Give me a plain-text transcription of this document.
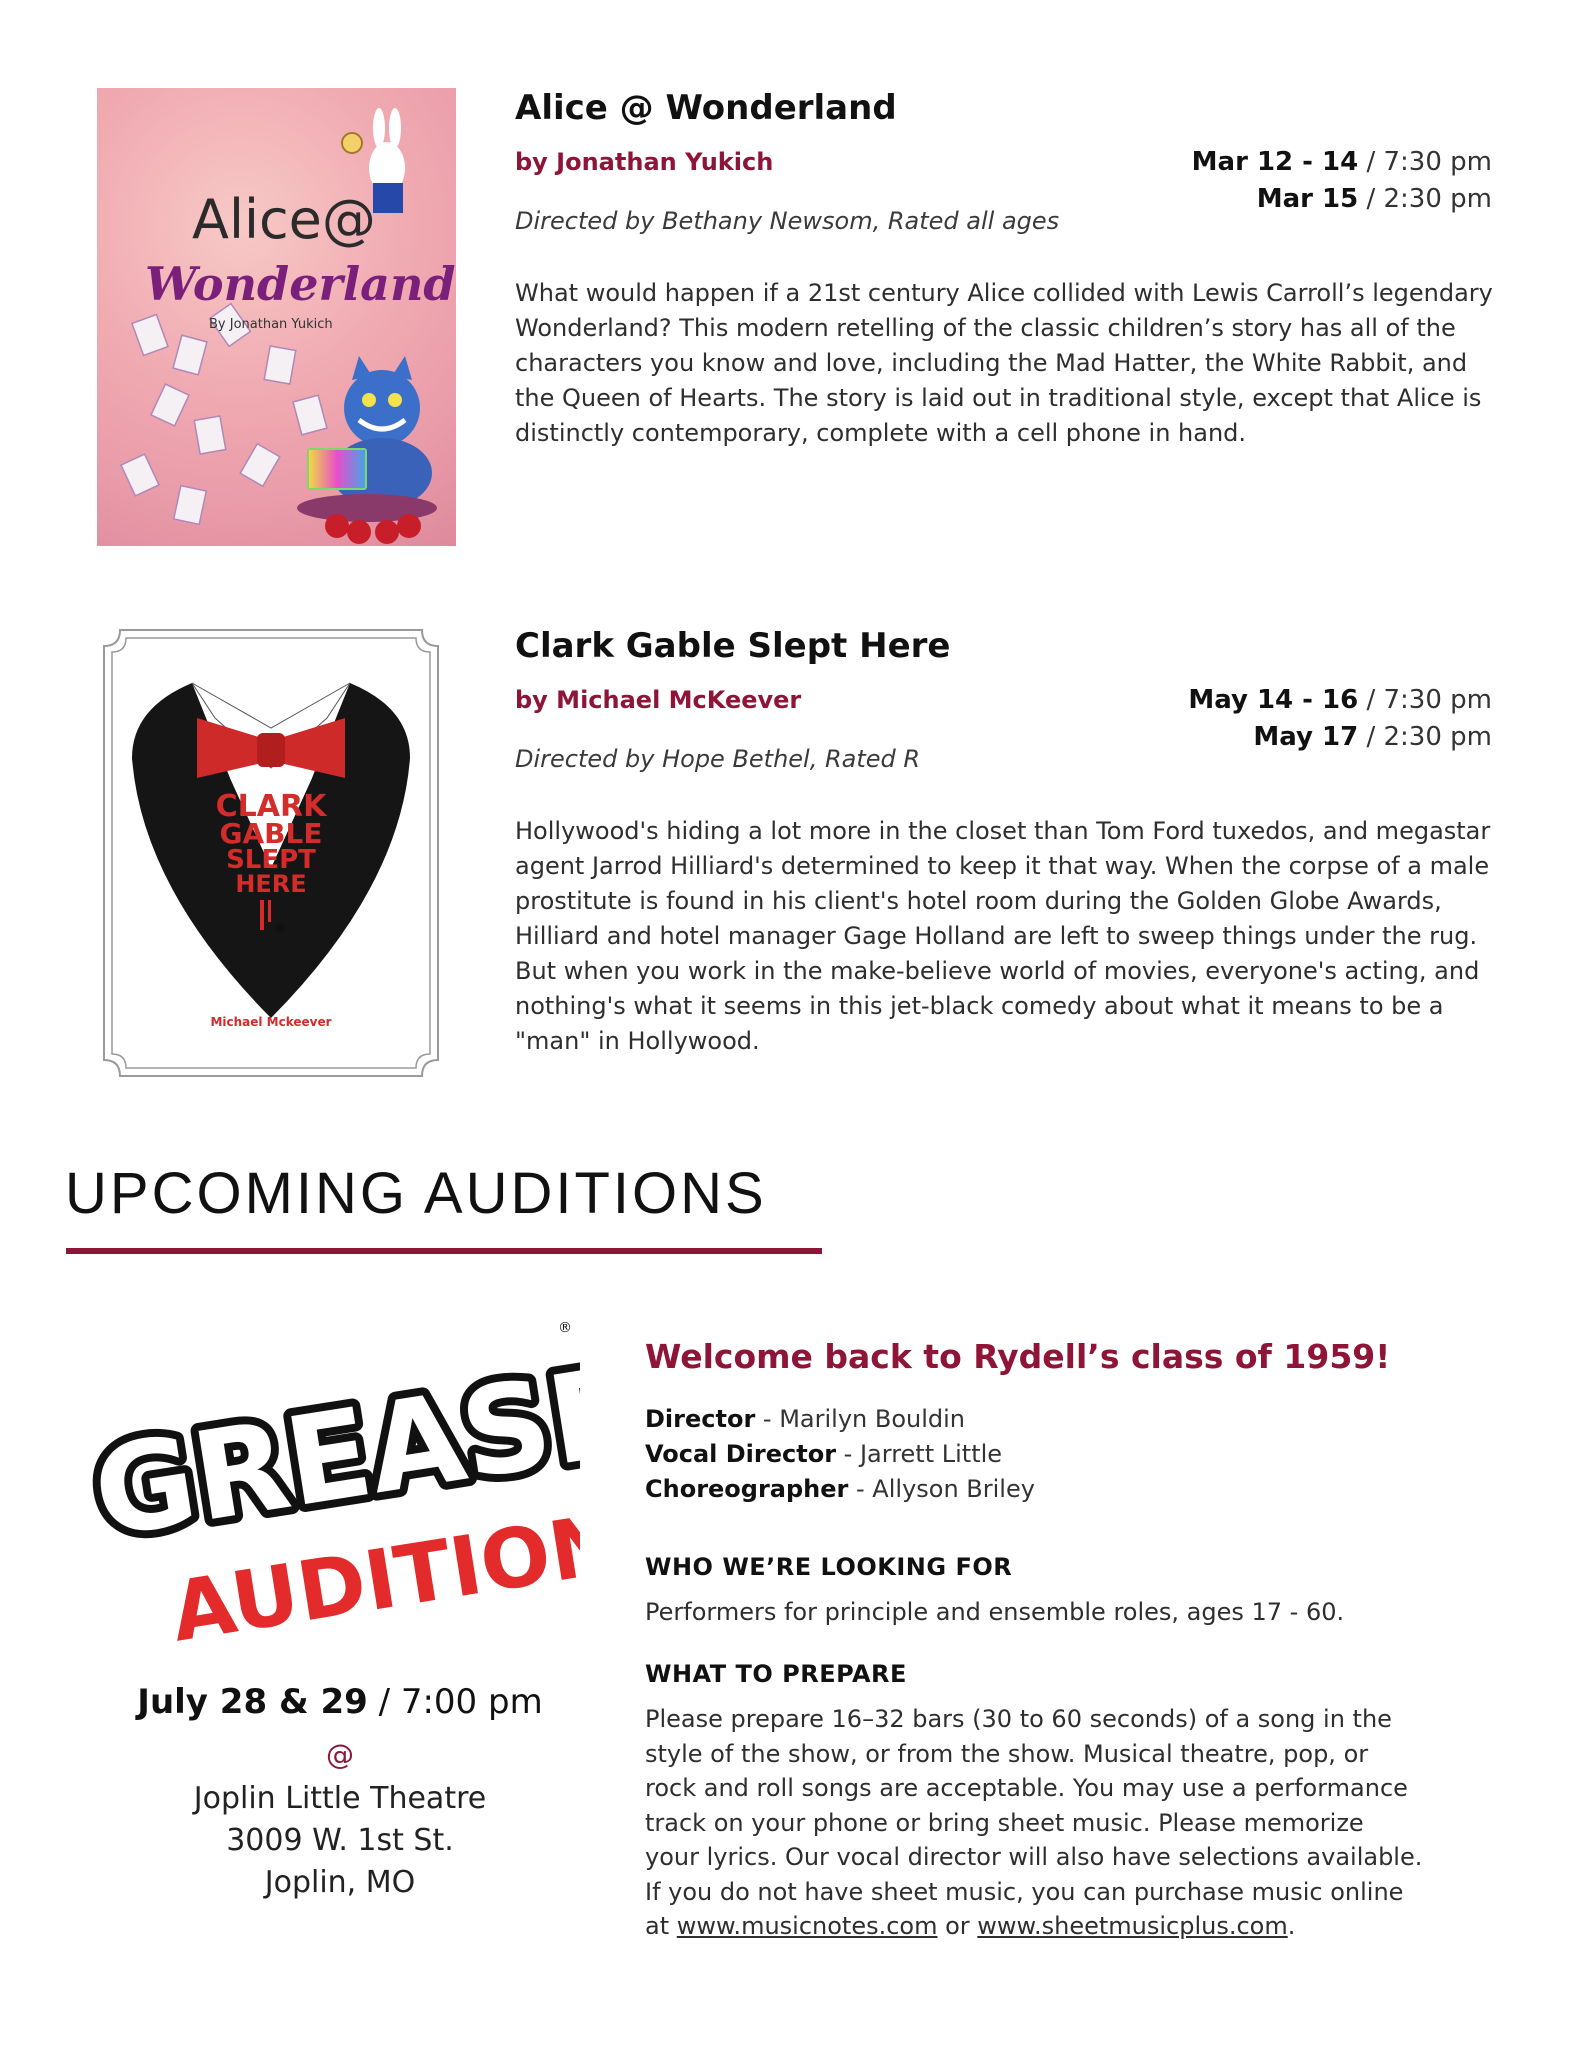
Alice@
Wonderland
By Jonathan Yukich
Alice @ Wonderland
by Jonathan Yukich	Mar 12 - 14 / 7:30 pm
Mar 15 / 2:30 pm
Directed by Bethany Newsom, Rated all ages
What would happen if a 21st century Alice collided with Lewis Carroll’s legendary Wonderland? This modern retelling of the classic children’s story has all of the characters you know and love, including the Mad Hatter, the White Rabbit, and the Queen of Hearts. The story is laid out in traditional style, except that Alice is distinctly contemporary, complete with a cell phone in hand.
CLARK
GABLE
SLEPT
HERE
Michael Mckeever
Clark Gable Slept Here
by Michael McKeever	May 14 - 16 / 7:30 pm
May 17 / 2:30 pm
Directed by Hope Bethel, Rated R
Hollywood's hiding a lot more in the closet than Tom Ford tuxedos, and megastar agent Jarrod Hilliard's determined to keep it that way. When the corpse of a male prostitute is found in his client's hotel room during the Golden Globe Awards, Hilliard and hotel manager Gage Holland are left to sweep things under the rug. But when you work in the make-believe world of movies, everyone's acting, and nothing's what it seems in this jet-black comedy about what it means to be a "man" in Hollywood.
UPCOMING AUDITIONS
GREASE
AUDITIONS
®
July 28 & 29 / 7:00 pm
@
Joplin Little Theatre
3009 W. 1st St.
Joplin, MO
Welcome back to Rydell’s class of 1959!
Director - Marilyn Bouldin
Vocal Director - Jarrett Little
Choreographer - Allyson Briley
WHO WE’RE LOOKING FOR
Performers for principle and ensemble roles, ages 17 - 60.
WHAT TO PREPARE
Please prepare 16–32 bars (30 to 60 seconds) of a song in the style of the show, or from the show. Musical theatre, pop, or rock and roll songs are acceptable. You may use a performance track on your phone or bring sheet music. Please memorize your lyrics. Our vocal director will also have selections available. If you do not have sheet music, you can purchase music online at www.musicnotes.com or www.sheetmusicplus.com.
